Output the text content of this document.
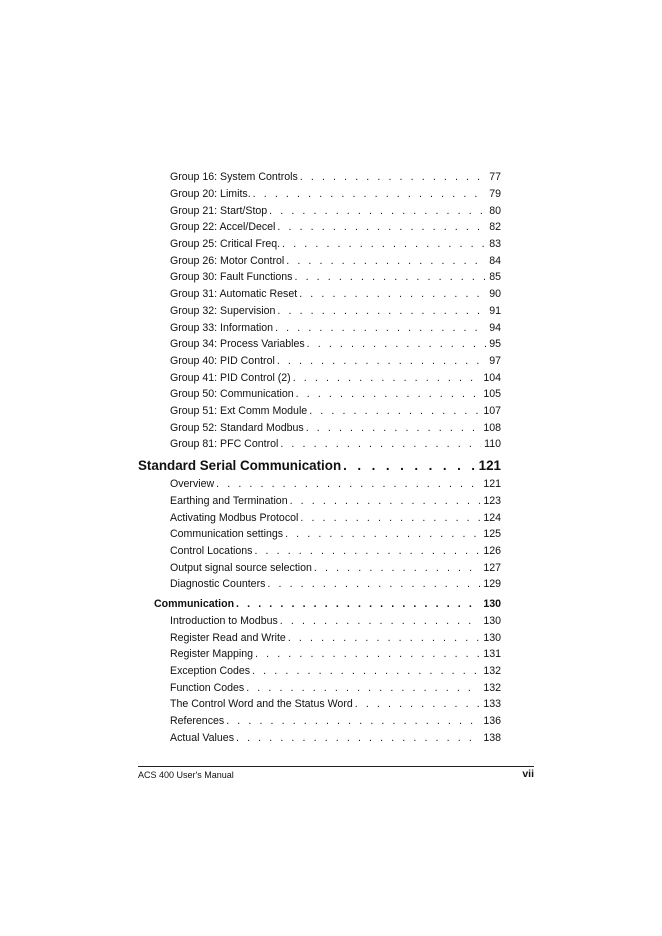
Group 16: System Controls . . .	77
Group 20: Limits. . . .	79
Group 21: Start/Stop . . .	80
Group 22: Accel/Decel . . .	82
Group 25: Critical Freq. . . .	83
Group 26: Motor Control . . .	84
Group 30: Fault Functions . . .	85
Group 31: Automatic Reset . . .	90
Group 32: Supervision . . .	91
Group 33: Information . . .	94
Group 34: Process Variables . . .	95
Group 40: PID Control . . .	97
Group 41: PID Control (2) . . .	104
Group 50: Communication . . .	105
Group 51: Ext Comm Module . . .	107
Group 52: Standard Modbus . . .	108
Group 81: PFC Control . . .	110
Standard Serial Communication . . .	121
Overview . . .	121
Earthing and Termination . . .	123
Activating Modbus Protocol . . .	124
Communication settings . . .	125
Control Locations . . .	126
Output signal source selection . . .	127
Diagnostic Counters . . .	129
Communication . . .	130
Introduction to Modbus . . .	130
Register Read and Write . . .	130
Register Mapping . . .	131
Exception Codes . . .	132
Function Codes . . .	132
The Control Word and the Status Word . . .	133
References . . .	136
Actual Values . . .	138
ACS 400 User's Manual	vii
